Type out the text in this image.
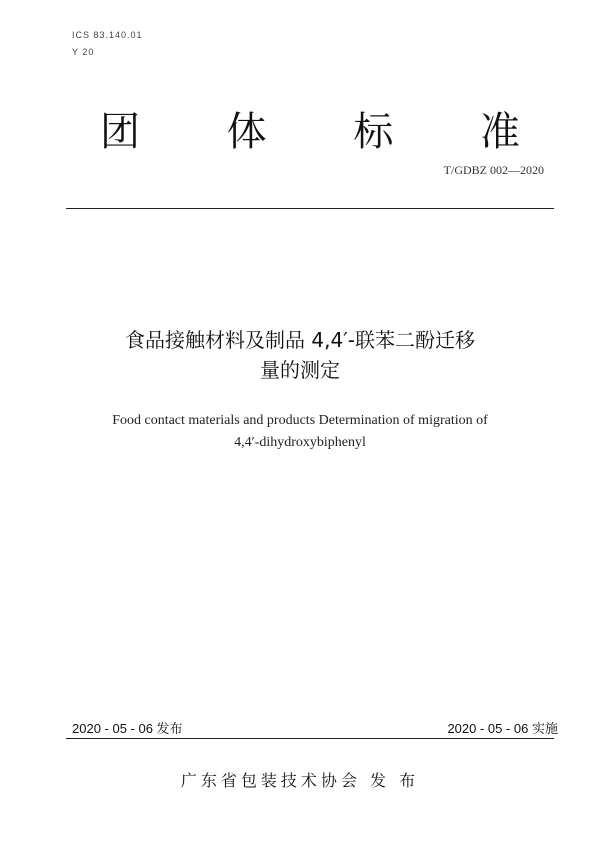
ICS 83.140.01
Y 20
团 体 标 准
T/GDBZ 002—2020
食品接触材料及制品 4,4′-联苯二酚迁移
量的测定
Food contact materials and products Determination of migration of
4,4′-dihydroxybiphenyl
2020 - 05 - 06 发布	2020 - 05 - 06 实施
广东省包装技术协会 发 布
